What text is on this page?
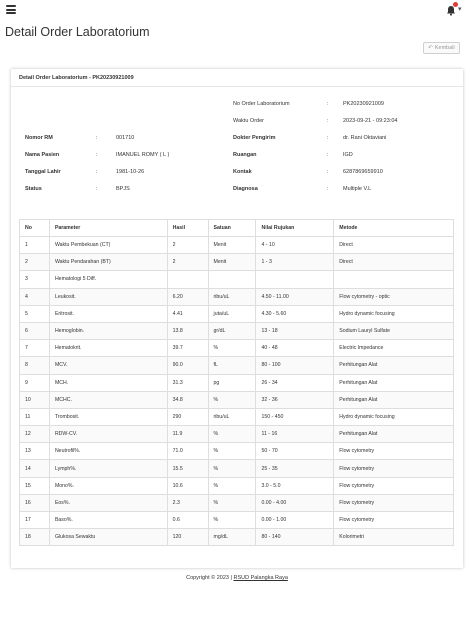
▾
Detail Order Laboratorium
↶ Kembali
Detail Order Laboratorium - PK20230921009
No Order Laboratorium	:	PK20230921009
Waktu Order	:	2023-09-21 - 09:23:04
Nomor RM	:	001710	Dokter Pengirim	:	dr. Rani Oktaviani
Nama Pasien	:	IMANUEL ROMY ( L )	Ruangan	:	IGD
Tanggal Lahir	:	1981-10-26	Kontak	:	6287869659910
Status	:	BPJS	Diagnosa	:	Multiple V.L
No	Parameter	Hasil	Satuan	Nilai Rujukan	Metode
1	Waktu Pembekuan (CT)	2	Menit	4 - 10	Direct
2	Waktu Pendarahan (BT)	2	Menit	1 - 3	Direct
3	Hematologi 5 Diff.				
4	Leukosit.	6.20	ribu/uL	4.50 - 11.00	Flow cytometry - optic
5	Eritrosit.	4.41	juta/uL	4.30 - 5.60	Hydro dynamic focusing
6	Hemoglobin.	13.8	gr/dL	13 - 18	Sodium Lauryl Sulfate
7	Hematokrit.	39.7	%	40 - 48	Electric Impedance
8	MCV.	90.0	fL	80 - 100	Perhitungan Alat
9	MCH.	31.3	pg	26 - 34	Perhitungan Alat
10	MCHC.	34.8	%	32 - 36	Perhitungan Alat
11	Trombosit.	290	ribu/uL	150 - 450	Hydro dynamic focusing
12	RDW-CV.	11.9	%	11 - 16	Perhitungan Alat
13	Neutrofil%.	71.0	%	50 - 70	Flow cytometry
14	Lymph%.	15.5	%	25 - 35	Flow cytometry
15	Mono%.	10.6	%	3.0 - 5.0	Flow cytometry
16	Eos%.	2.3	%	0.00 - 4.00	Flow cytometry
17	Baso%.	0.6	%	0.00 - 1.00	Flow cytometry
18	Glukosa Sewaktu	120	mg/dL	80 - 140	Kolorimetri
Copyright © 2023 | RSUD Palangka Raya
